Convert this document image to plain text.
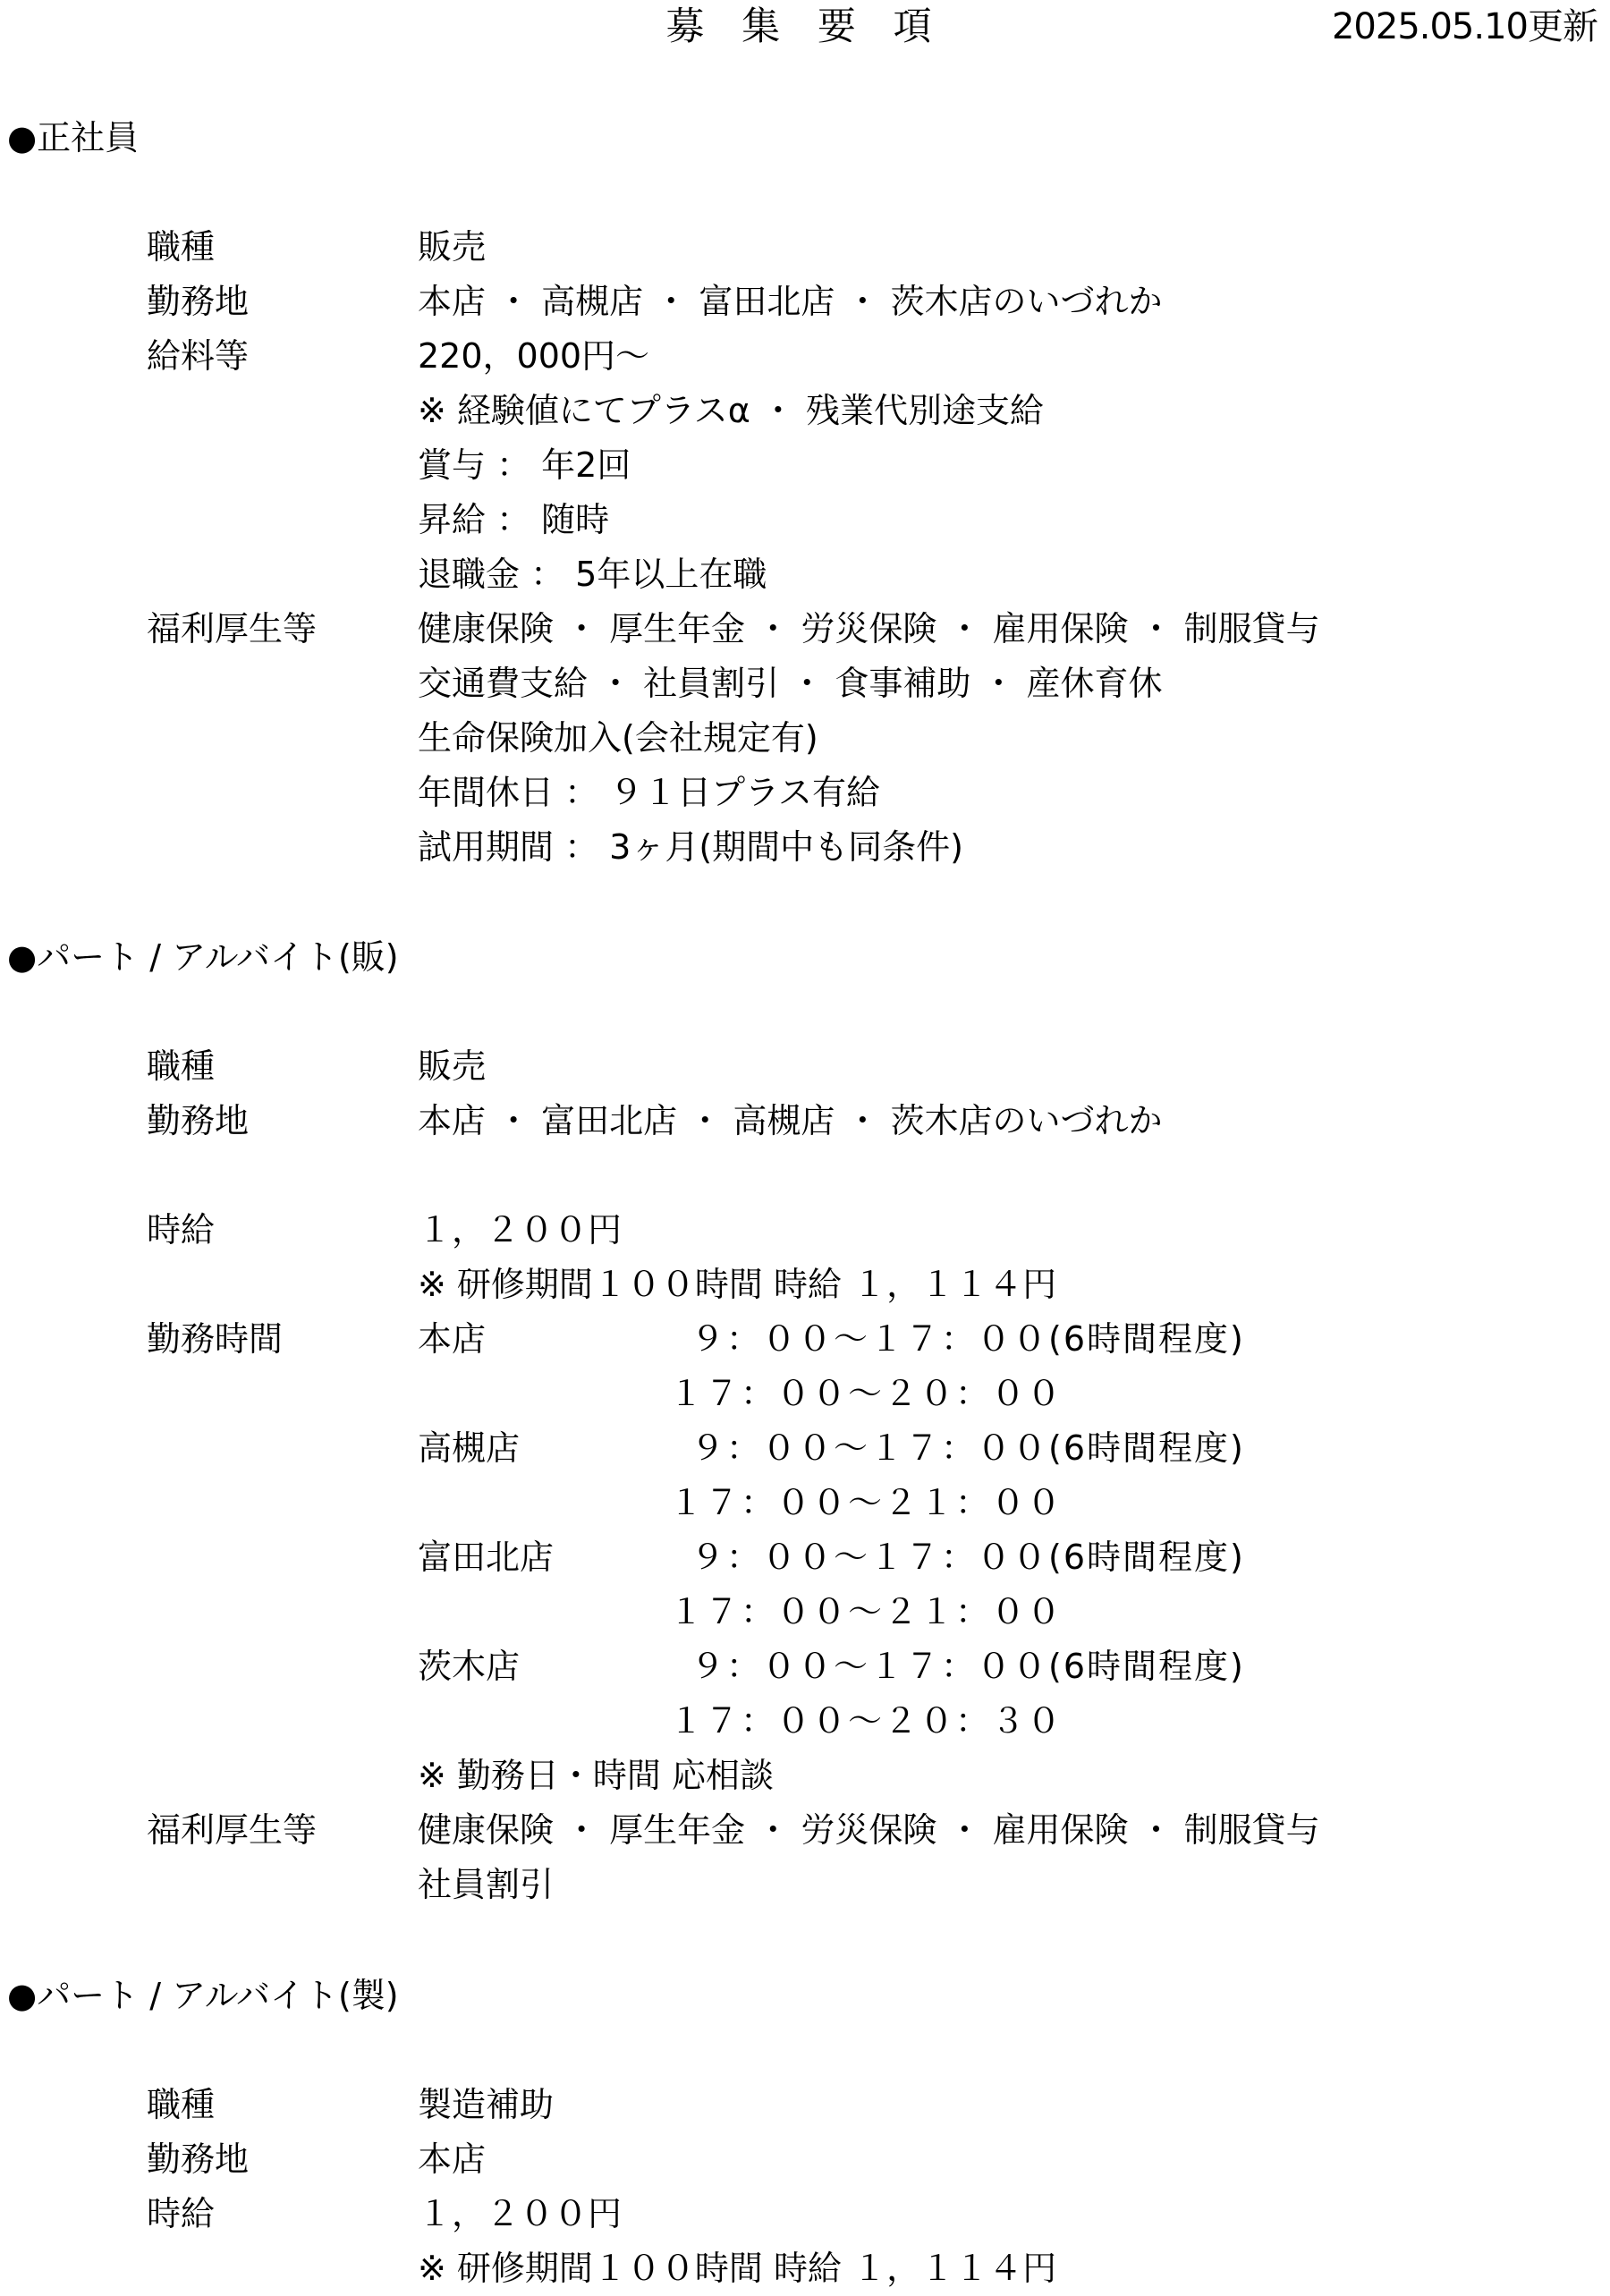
募 集 要 項	2025.05.10更新
●正社員
職種	販売
勤務地	本店 ・ 高槻店 ・ 富田北店 ・ 茨木店のいづれか
給料等	220，000円～
※ 経験値にてプラスα ・ 残業代別途支給
賞与 ： 年2回
昇給 ： 随時
退職金 ： 5年以上在職
福利厚生等	健康保険 ・ 厚生年金 ・ 労災保険 ・ 雇用保険 ・ 制服貸与
交通費支給 ・ 社員割引 ・ 食事補助 ・ 産休育休
生命保険加入(会社規定有)
年間休日 ： ９１日プラス有給
試用期間 ： 3ヶ月(期間中も同条件)
●パート / アルバイト(販)
職種	販売
勤務地	本店 ・ 富田北店 ・ 高槻店 ・ 茨木店のいづれか
時給	１，２００円
※ 研修期間１００時間 時給 １，１１４円
勤務時間	本店	９：００～１７：００(6時間程度)
１７：００～２０：００
高槻店	９：００～１７：００(6時間程度)
１７：００～２１：００
富田北店	９：００～１７：００(6時間程度)
１７：００～２１：００
茨木店	９：００～１７：００(6時間程度)
１７：００～２０：３０
※ 勤務日・時間 応相談
福利厚生等	健康保険 ・ 厚生年金 ・ 労災保険 ・ 雇用保険 ・ 制服貸与
社員割引
●パート / アルバイト(製)
職種	製造補助
勤務地	本店
時給	１，２００円
※ 研修期間１００時間 時給 １，１１４円
